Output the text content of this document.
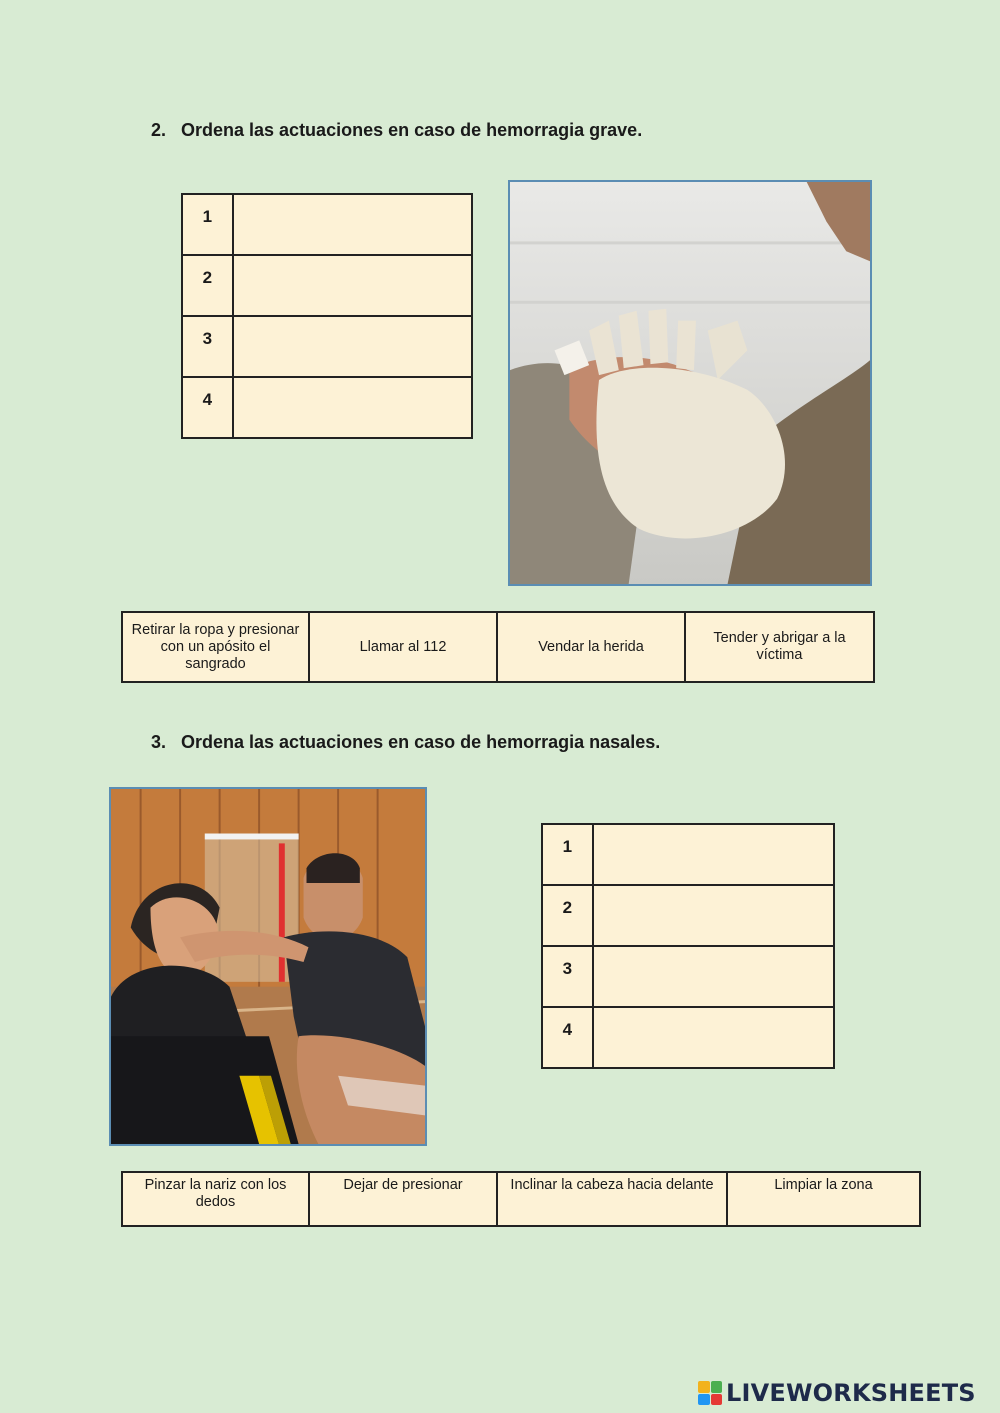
2. Ordena las actuaciones en caso de hemorragia grave.
1	
2	
3	
4	
Retirar la ropa y presionar con un apósito el sangrado	Llamar al 112	Vendar la herida	Tender y abrigar a la víctima
3. Ordena las actuaciones en caso de hemorragia nasales.
1	
2	
3	
4	
Pinzar la nariz con los dedos	Dejar de presionar	Inclinar la cabeza hacia delante	Limpiar la zona
LIVEWORKSHEETS
